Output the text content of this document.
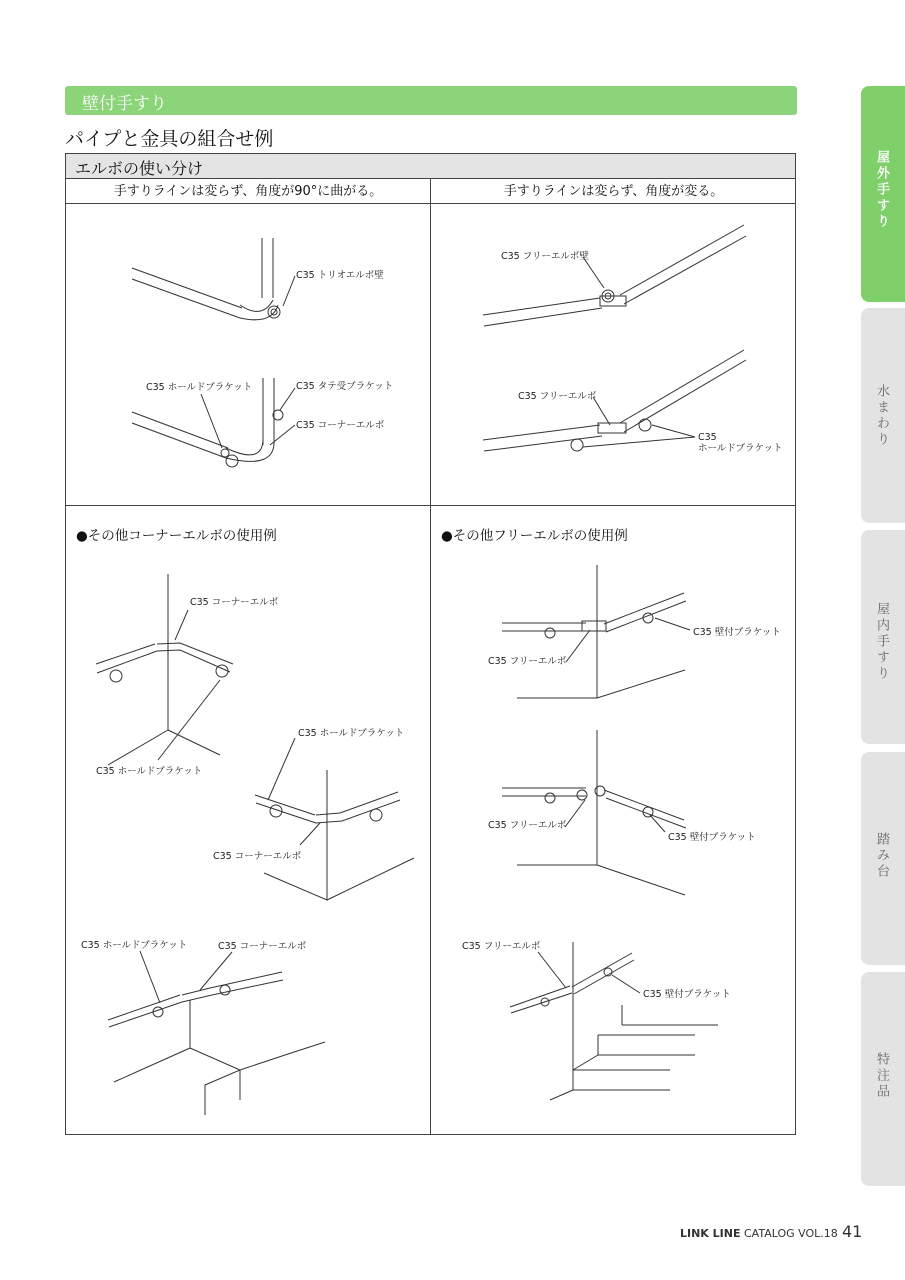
壁付手すり
パイプと金具の組合せ例
エルボの使い分け
手すりラインは変らず、角度が90°に曲がる。	手すりラインは変らず、角度が変る。
●その他コーナーエルボの使用例	●その他フリーエルボの使用例
C35 トリオエルボ壁
C35 ホールドブラケット	C35 タテ受ブラケット
C35 コーナーエルボ
C35 フリーエルボ壁
C35 フリーエルボ
C35
ホールドブラケット
C35 コーナーエルボ
C35 ホールドブラケット
C35 ホールドブラケット
C35 コーナーエルボ
C35 ホールドブラケット	C35 コーナーエルボ
C35 壁付ブラケット
C35 フリーエルボ
C35 フリーエルボ
C35 壁付ブラケット
C35 フリーエルボ
C35 壁付ブラケット
屋外手すり
水まわり
屋内手すり
踏み台
特注品
LINK LINE CATALOG VOL.18 41
